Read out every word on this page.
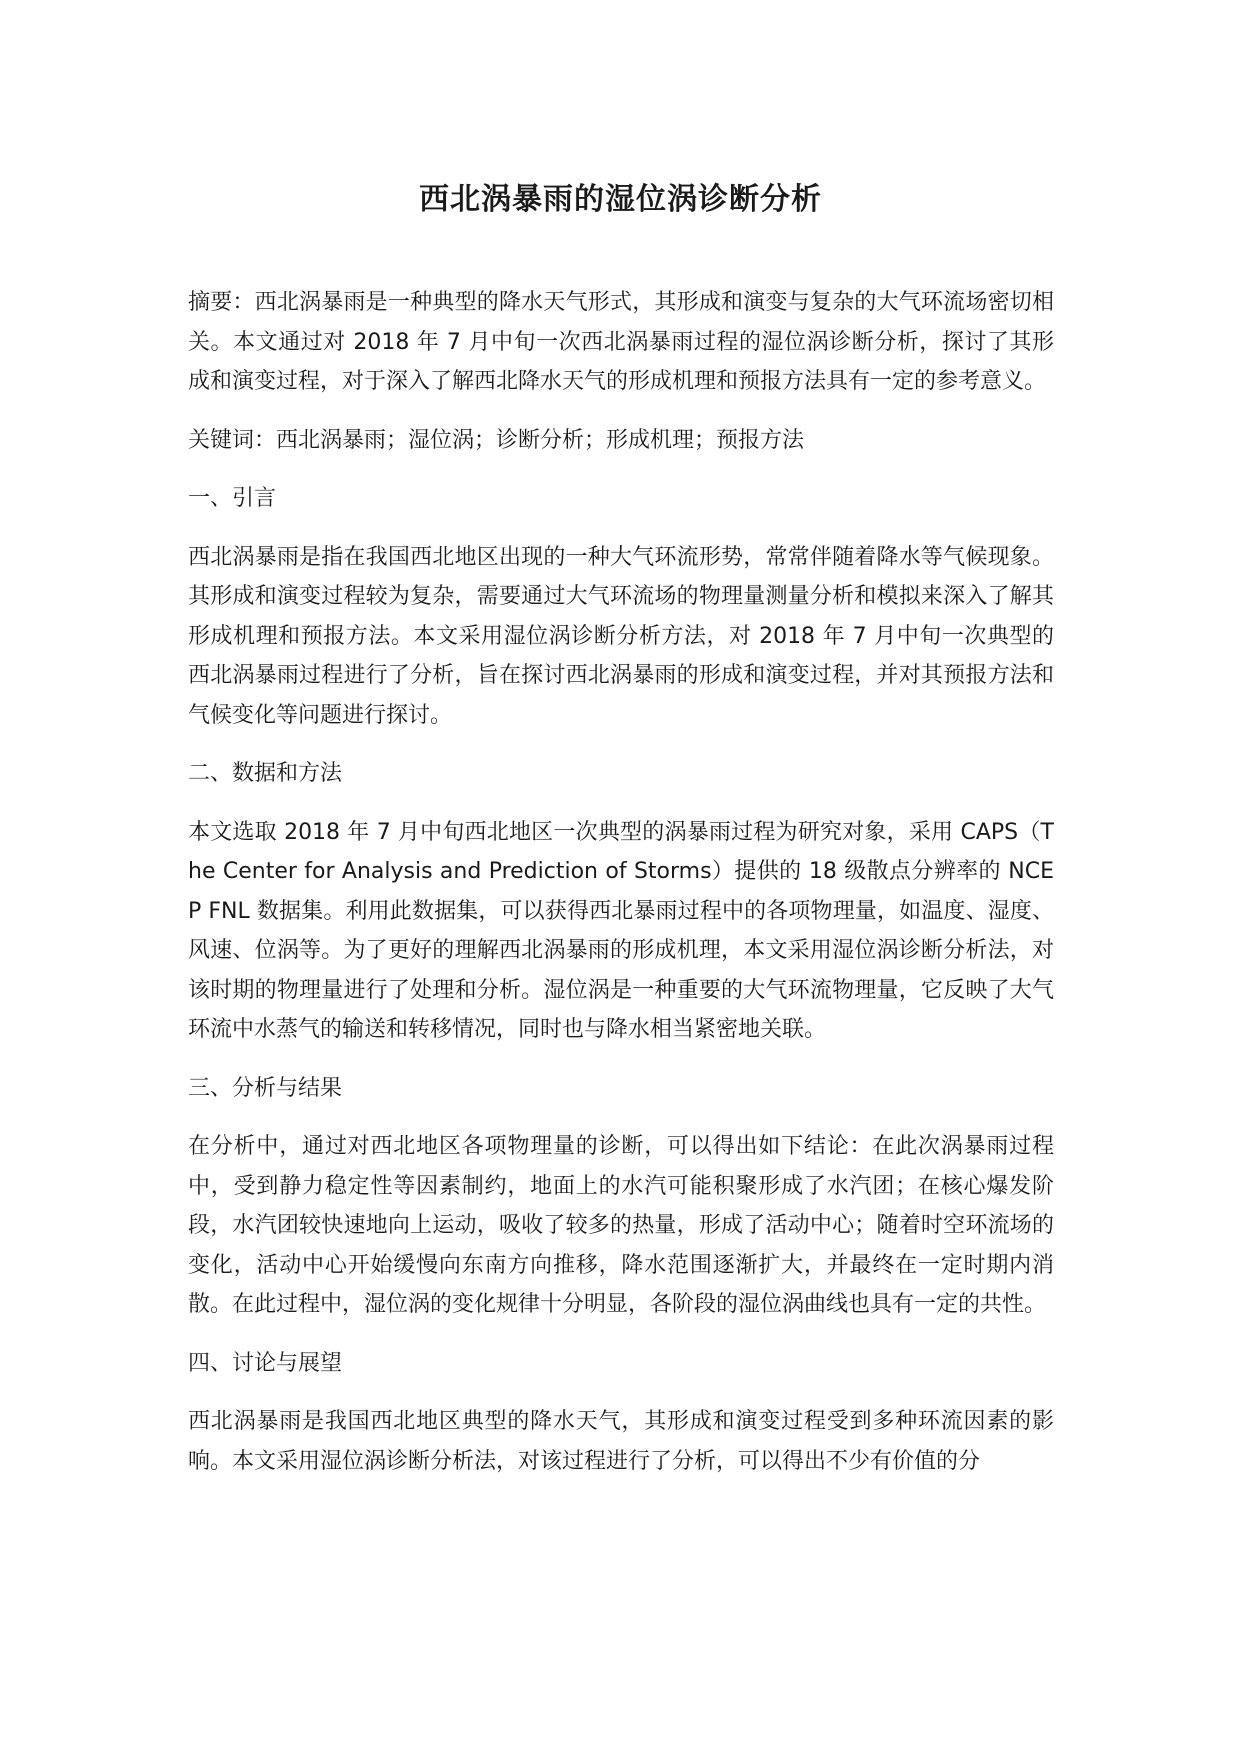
西北涡暴雨的湿位涡诊断分析

摘要：西北涡暴雨是一种典型的降水天气形式，其形成和演变与复杂的大气环流场密切相关。本文通过对 2018 年 7 月中旬一次西北涡暴雨过程的湿位涡诊断分析，探讨了其形成和演变过程，对于深入了解西北降水天气的形成机理和预报方法具有一定的参考意义。

关键词：西北涡暴雨；湿位涡；诊断分析；形成机理；预报方法

一、引言

西北涡暴雨是指在我国西北地区出现的一种大气环流形势，常常伴随着降水等气候现象。其形成和演变过程较为复杂，需要通过大气环流场的物理量测量分析和模拟来深入了解其形成机理和预报方法。本文采用湿位涡诊断分析方法，对 2018 年 7 月中旬一次典型的西北涡暴雨过程进行了分析，旨在探讨西北涡暴雨的形成和演变过程，并对其预报方法和气候变化等问题进行探讨。

二、数据和方法

本文选取 2018 年 7 月中旬西北地区一次典型的涡暴雨过程为研究对象，采用 CAPS（The Center for Analysis and Prediction of Storms）提供的 18 级散点分辨率的 NCEP FNL 数据集。利用此数据集，可以获得西北暴雨过程中的各项物理量，如温度、湿度、风速、位涡等。为了更好的理解西北涡暴雨的形成机理，本文采用湿位涡诊断分析法，对该时期的物理量进行了处理和分析。湿位涡是一种重要的大气环流物理量，它反映了大气环流中水蒸气的输送和转移情况，同时也与降水相当紧密地关联。

三、分析与结果

在分析中，通过对西北地区各项物理量的诊断，可以得出如下结论：在此次涡暴雨过程中，受到静力稳定性等因素制约，地面上的水汽可能积聚形成了水汽团；在核心爆发阶段，水汽团较快速地向上运动，吸收了较多的热量，形成了活动中心；随着时空环流场的变化，活动中心开始缓慢向东南方向推移，降水范围逐渐扩大，并最终在一定时期内消散。在此过程中，湿位涡的变化规律十分明显，各阶段的湿位涡曲线也具有一定的共性。

四、讨论与展望

西北涡暴雨是我国西北地区典型的降水天气，其形成和演变过程受到多种环流因素的影响。本文采用湿位涡诊断分析法，对该过程进行了分析，可以得出不少有价值的分
